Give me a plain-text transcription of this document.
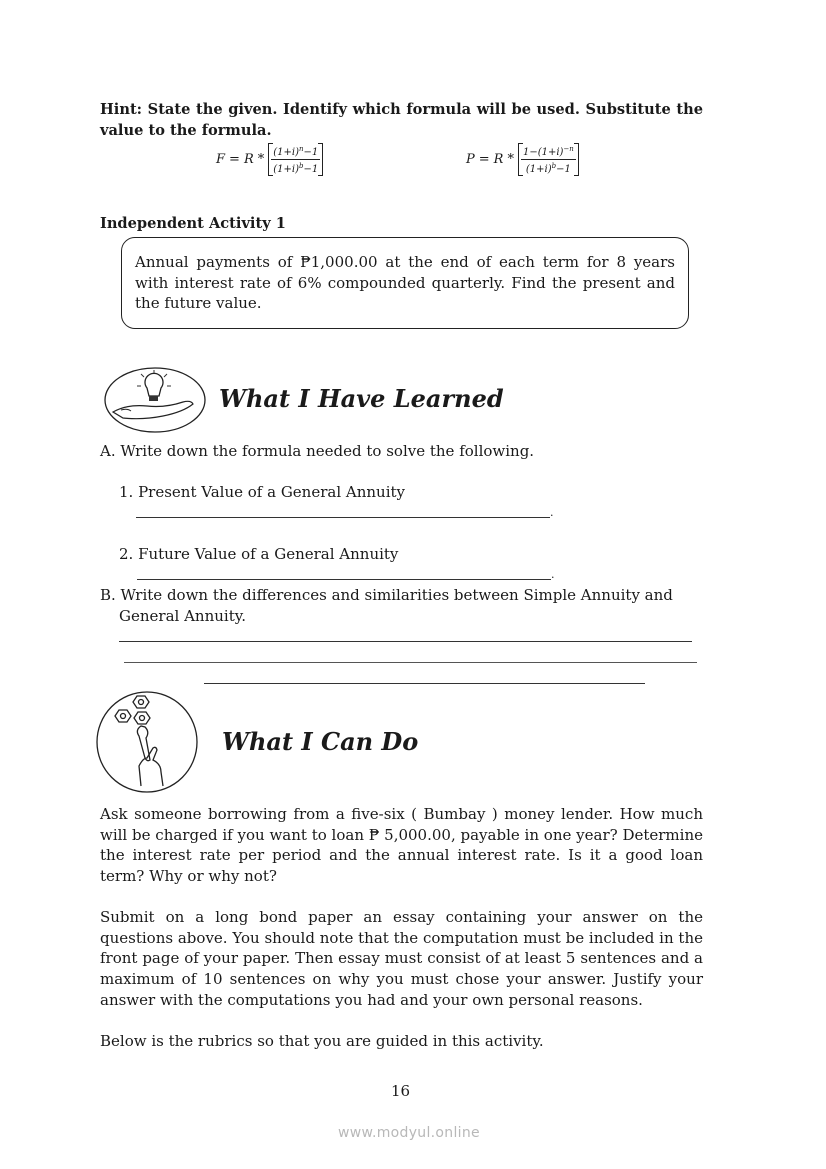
Hint: State the given. Identify which formula will be used. Substitute the value to the formula.
$F = R * \frac{(1+i)^n-1}{(1+i)^b-1}$	$P = R * \frac{1-(1+i)^{-n}}{(1+i)^b-1}$
Independent Activity 1
Annual payments of ₱1,000.00 at the end of each term for 8 years with interest rate of 6% compounded quarterly. Find the present and the future value.
What I Have Learned
A. Write down the formula needed to solve the following.
1. Present Value of a General Annuity
.
2. Future Value of a General Annuity
.
B. Write down the differences and similarities between Simple Annuity and
General Annuity.
What I Can Do
Ask someone borrowing from a five-six ( Bumbay ) money lender. How much will be charged if you want to loan ₱ 5,000.00, payable in one year? Determine the interest rate per period and the annual interest rate. Is it a good loan term? Why or why not?
Submit on a long bond paper an essay containing your answer on the questions above. You should note that the computation must be included in the front page of your paper. Then essay must consist of at least 5 sentences and a maximum of 10 sentences on why you must chose your answer. Justify your answer with the computations you had and your own personal reasons.
Below is the rubrics so that you are guided in this activity.
16
www.modyul.online
